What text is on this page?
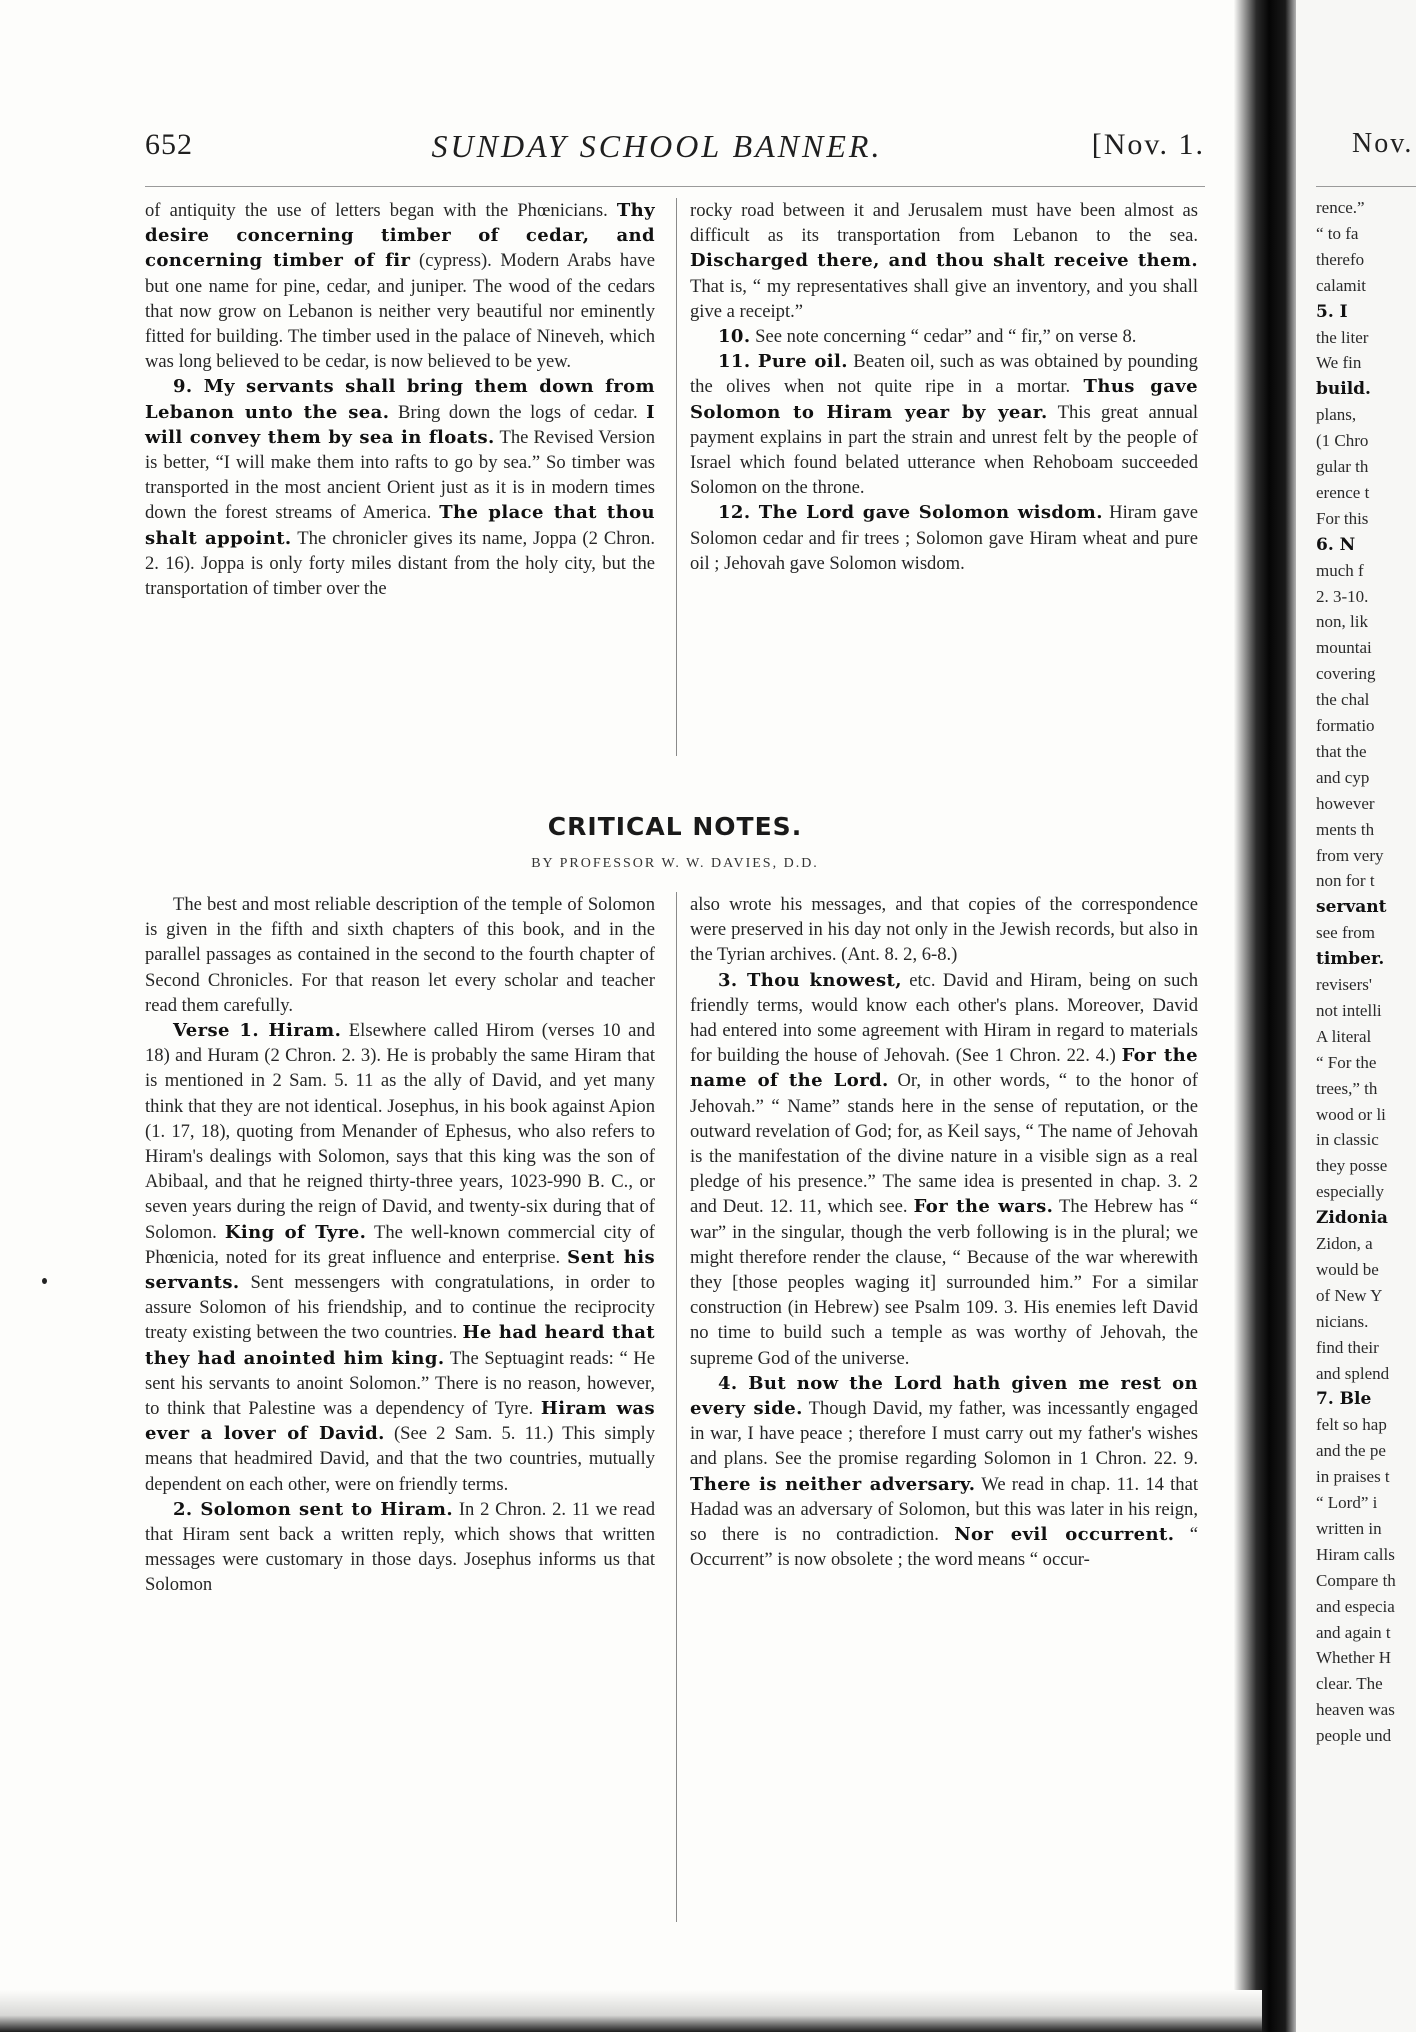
652	SUNDAY SCHOOL BANNER.	[Nov. 1.

of antiquity the use of letters began with the Phœnicians. Thy desire concerning timber of cedar, and concerning timber of fir (cypress). Modern Arabs have but one name for pine, cedar, and juniper. The wood of the cedars that now grow on Lebanon is neither very beautiful nor eminently fitted for building. The timber used in the palace of Nineveh, which was long believed to be cedar, is now believed to be yew.

9. My servants shall bring them down from Lebanon unto the sea. Bring down the logs of cedar. I will convey them by sea in floats. The Revised Version is better, “I will make them into rafts to go by sea.” So timber was transported in the most ancient Orient just as it is in modern times down the forest streams of America. The place that thou shalt appoint. The chronicler gives its name, Joppa (2 Chron. 2. 16). Joppa is only forty miles distant from the holy city, but the transportation of timber over the

rocky road between it and Jerusalem must have been almost as difficult as its transportation from Lebanon to the sea. Discharged there, and thou shalt receive them. That is, “ my representatives shall give an inventory, and you shall give a receipt.”

10. See note concerning “ cedar” and “ fir,” on verse 8.

11. Pure oil. Beaten oil, such as was obtained by pounding the olives when not quite ripe in a mortar. Thus gave Solomon to Hiram year by year. This great annual payment explains in part the strain and unrest felt by the people of Israel which found belated utterance when Rehoboam succeeded Solomon on the throne.

12. The Lord gave Solomon wisdom. Hiram gave Solomon cedar and fir trees ; Solomon gave Hiram wheat and pure oil ; Jehovah gave Solomon wisdom.

CRITICAL NOTES.
BY PROFESSOR W. W. DAVIES, D.D.

The best and most reliable description of the temple of Solomon is given in the fifth and sixth chapters of this book, and in the parallel passages as contained in the second to the fourth chapter of Second Chronicles. For that reason let every scholar and teacher read them carefully.

Verse 1. Hiram. Elsewhere called Hirom (verses 10 and 18) and Huram (2 Chron. 2. 3). He is probably the same Hiram that is mentioned in 2 Sam. 5. 11 as the ally of David, and yet many think that they are not identical. Josephus, in his book against Apion (1. 17, 18), quoting from Menander of Ephesus, who also refers to Hiram's dealings with Solomon, says that this king was the son of Abibaal, and that he reigned thirty-three years, 1023-990 B. C., or seven years during the reign of David, and twenty-six during that of Solomon. King of Tyre. The well-known commercial city of Phœnicia, noted for its great influence and enterprise. Sent his servants. Sent messengers with congratulations, in order to assure Solomon of his friendship, and to continue the reciprocity treaty existing between the two countries. He had heard that they had anointed him king. The Septuagint reads: “ He sent his servants to anoint Solomon.” There is no reason, however, to think that Palestine was a dependency of Tyre. Hiram was ever a lover of David. (See 2 Sam. 5. 11.) This simply means that headmired David, and that the two countries, mutually dependent on each other, were on friendly terms.

2. Solomon sent to Hiram. In 2 Chron. 2. 11 we read that Hiram sent back a written reply, which shows that written messages were customary in those days. Josephus informs us that Solomon

also wrote his messages, and that copies of the correspondence were preserved in his day not only in the Jewish records, but also in the Tyrian archives. (Ant. 8. 2, 6-8.)

3. Thou knowest, etc. David and Hiram, being on such friendly terms, would know each other's plans. Moreover, David had entered into some agreement with Hiram in regard to materials for building the house of Jehovah. (See 1 Chron. 22. 4.) For the name of the Lord. Or, in other words, “ to the honor of Jehovah.” “ Name” stands here in the sense of reputation, or the outward revelation of God; for, as Keil says, “ The name of Jehovah is the manifestation of the divine nature in a visible sign as a real pledge of his presence.” The same idea is presented in chap. 3. 2 and Deut. 12. 11, which see. For the wars. The Hebrew has “ war” in the singular, though the verb following is in the plural; we might therefore render the clause, “ Because of the war wherewith they [those peoples waging it] surrounded him.” For a similar construction (in Hebrew) see Psalm 109. 3. His enemies left David no time to build such a temple as was worthy of Jehovah, the supreme God of the universe.

4. But now the Lord hath given me rest on every side. Though David, my father, was incessantly engaged in war, I have peace ; therefore I must carry out my father's wishes and plans. See the promise regarding Solomon in 1 Chron. 22. 9. There is neither adversary. We read in chap. 11. 14 that Hadad was an adversary of Solomon, but this was later in his reign, so there is no contradiction. Nor evil occurrent. “ Occurrent” is now obsolete ; the word means “ occur-

Nov.
rence.”
“ to fa
therefo
calamit
5. I
the liter
We fin
build.
plans,
(1 Chro
gular th
erence t
For this
6. N
much f
2. 3-10.
non, lik
mountai
covering
the chal
formatio
that the
and cyp
however
ments th
from very
non for t
servant
see from
timber.
revisers'
not intelli
A literal
“ For the
trees,” th
wood or li
in classic
they posse
especially
Zidonia
Zidon, a
would be
of New Y
nicians.
find their
and splend
7. Ble
felt so hap
and the pe
in praises t
“ Lord” i
written in
Hiram calls
Compare th
and especia
and again t
Whether H
clear. The
heaven was
people und
